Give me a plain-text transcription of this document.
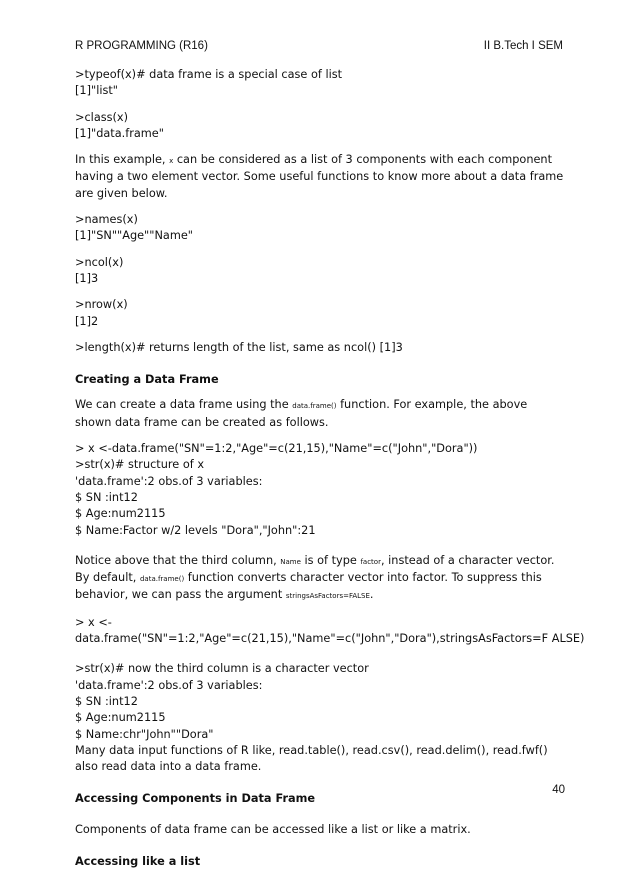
R PROGRAMMING (R16)	II B.Tech I SEM

>typeof(x)# data frame is a special case of list
[1]"list"

>class(x)
[1]"data.frame"

In this example, x can be considered as a list of 3 components with each component having a two element vector. Some useful functions to know more about a data frame are given below.

>names(x)
[1]"SN""Age""Name"

>ncol(x)
[1]3

>nrow(x)
[1]2

>length(x)# returns length of the list, same as ncol() [1]3

Creating a Data Frame

We can create a data frame using the data.frame() function. For example, the above shown data frame can be created as follows.

> x <-data.frame("SN"=1:2,"Age"=c(21,15),"Name"=c("John","Dora"))
>str(x)# structure of x
'data.frame':2 obs.of 3 variables:
$ SN :int12
$ Age:num2115
$ Name:Factor w/2 levels "Dora","John":21

Notice above that the third column, Name is of type factor, instead of a character vector. By default, data.frame() function converts character vector into factor. To suppress this behavior, we can pass the argument stringsAsFactors=FALSE.

> x <-
data.frame("SN"=1:2,"Age"=c(21,15),"Name"=c("John","Dora"),stringsAsFactors=F ALSE)

>str(x)# now the third column is a character vector
'data.frame':2 obs.of 3 variables:
$ SN :int12
$ Age:num2115
$ Name:chr"John""Dora"

Many data input functions of R like, read.table(), read.csv(), read.delim(), read.fwf() also read data into a data frame.

Accessing Components in Data Frame

Components of data frame can be accessed like a list or like a matrix.

Accessing like a list

40
